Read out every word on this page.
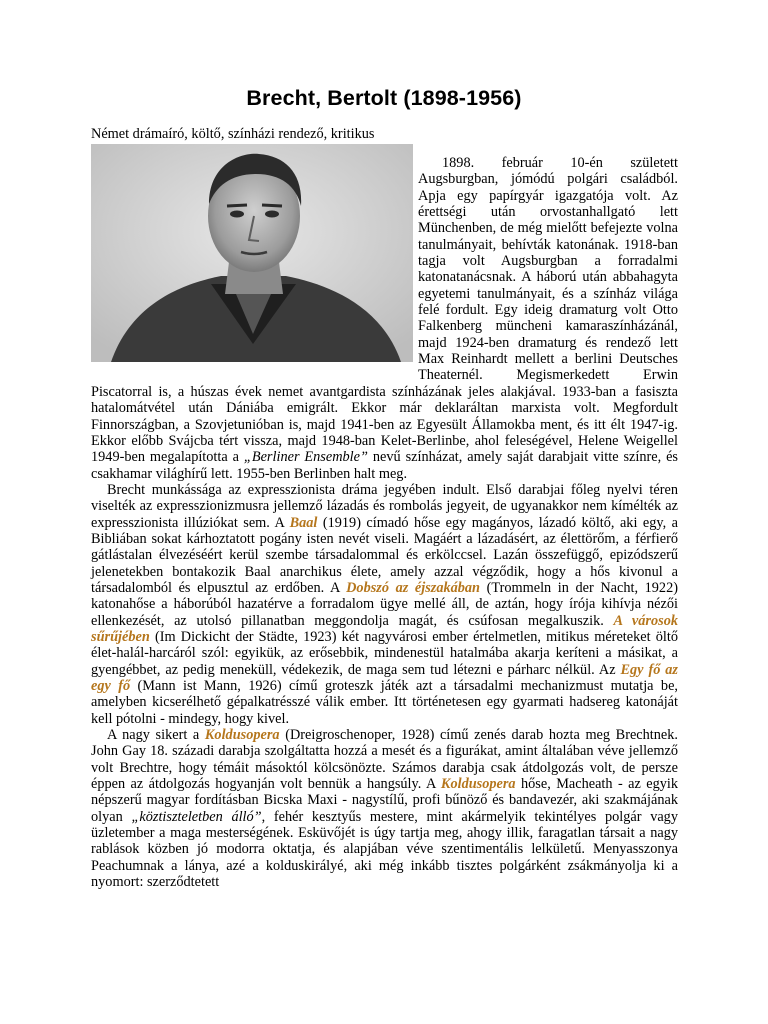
Brecht, Bertolt (1898-1956)
Német drámaíró, költő, színházi rendező, kritikus

1898. február 10-én született Augsburgban, jómódú polgári családból. Apja egy papírgyár igazgatója volt. Az érettségi után orvostanhallgató lett Münchenben, de még mielőtt befejezte volna tanulmányait, behívták katonának. 1918-ban tagja volt Augsburgban a forradalmi katonatanácsnak. A háború után abbahagyta egyetemi tanulmányait, és a színház világa felé fordult. Egy ideig dramaturg volt Otto Falkenberg müncheni kamaraszínházánál, majd 1924-ben dramaturg és rendező lett Max Reinhardt mellett a berlini Deutsches Theaternél. Megismerkedett Erwin Piscatorral is, a húszas évek nemet avantgardista színházának jeles alakjával. 1933-ban a fasiszta hatalomátvétel után Dániába emigrált. Ekkor már deklaráltan marxista volt. Megfordult Finnországban, a Szovjetunióban is, majd 1941-ben az Egyesült Államokba ment, és itt élt 1947-ig. Ekkor előbb Svájcba tért vissza, majd 1948-ban Kelet-Berlinbe, ahol feleségével, Helene Weigellel 1949-ben megalapította a „Berliner Ensemble” nevű színházat, amely saját darabjait vitte színre, és csakhamar világhírű lett. 1955-ben Berlinben halt meg.

Brecht munkássága az expresszionista dráma jegyében indult. Első darabjai főleg nyelvi téren viselték az expresszionizmusra jellemző lázadás és rombolás jegyeit, de ugyanakkor nem kímélték az expresszionista illúziókat sem. A Baal (1919) címadó hőse egy magányos, lázadó költő, aki egy, a Bibliában sokat kárhoztatott pogány isten nevét viseli. Magáért a lázadásért, az élettörőm, a férfierő gátlástalan élvezéséért kerül szembe társadalommal és erkölccsel. Lazán összefüggő, epizódszerű jelenetekben bontakozik Baal anarchikus élete, amely azzal végződik, hogy a hős kivonul a társadalomból és elpusztul az erdőben. A Dobszó az éjszakában (Trommeln in der Nacht, 1922) katonahőse a háborúból hazatérve a forradalom ügye mellé áll, de aztán, hogy írója kihívja nézői ellenkezését, az utolsó pillanatban meggondolja magát, és csúfosan megalkuszik. A városok sűrűjében (Im Dickicht der Städte, 1923) két nagyvárosi ember értelmetlen, mitikus méreteket öltő élet-halál-harcáról szól: egyikük, az erősebbik, mindenestül hatalmába akarja keríteni a másikat, a gyengébbet, az pedig meneküll, védekezik, de maga sem tud létezni e párharc nélkül. Az Egy fő az egy fő (Mann ist Mann, 1926) című groteszk játék azt a társadalmi mechanizmust mutatja be, amelyben kicserélhető gépalkatrésszé válik ember. Itt történetesen egy gyarmati hadsereg katonáját kell pótolni - mindegy, hogy kivel.

A nagy sikert a Koldusopera (Dreigroschenoper, 1928) című zenés darab hozta meg Brechtnek. John Gay 18. századi darabja szolgáltatta hozzá a mesét és a figurákat, amint általában véve jellemző volt Brechtre, hogy témáit másoktól kölcsönözte. Számos darabja csak átdolgozás volt, de persze éppen az átdolgozás hogyanján volt bennük a hangsúly. A Koldusopera hőse, Macheath - az egyik népszerű magyar fordításban Bicska Maxi - nagystílű, profi bűnöző és bandavezér, aki szakmájának olyan „köztiszteletben álló”, fehér kesztyűs mestere, mint akármelyik tekintélyes polgár vagy üzletember a maga mesterségének. Esküvőjét is úgy tartja meg, ahogy illik, faragatlan társait a nagy rablások közben jó modorra oktatja, és alapjában véve szentimentális lelkületű. Menyasszonya Peachumnak a lánya, azé a kolduskirályé, aki még inkább tisztes polgárként zsákmányolja ki a nyomort: szerződtetett
